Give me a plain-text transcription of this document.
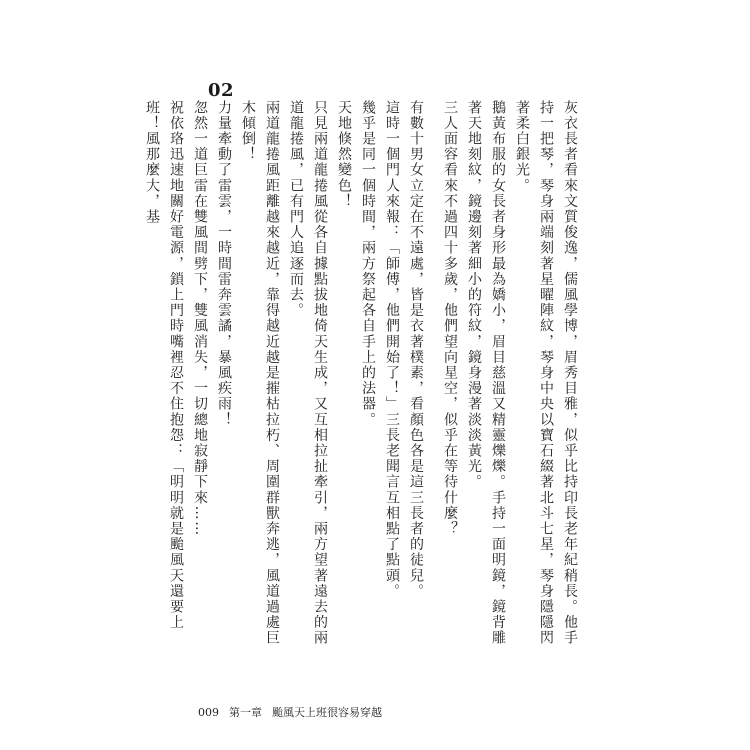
02

灰衣長者看來文質俊逸，儒風學博，眉秀目雅，似乎比持印長老年紀稍長。他手持一把琴，琴身兩端刻著星曜陣紋，琴身中央以寶石綴著北斗七星，琴身隱隱閃著柔白銀光。

鵝黃布服的女長者身形最為嬌小，眉目慈溫又精靈爍爍。手持一面明鏡，鏡背雕著天地刻紋，鏡邊刻著細小的符紋，鏡身漫著淡淡黃光。

三人面容看來不過四十多歲，他們望向星空，似乎在等待什麼？

有數十男女立定在不遠處，皆是衣著樸素，看顏色各是這三長者的徒兒。

這時一個門人來報：「師傅，他們開始了！」三長老聞言互相點了點頭。

幾乎是同一個時間，兩方祭起各自手上的法器。

天地倏然變色！

只見兩道龍捲風從各自據點拔地倚天生成，又互相拉扯牽引，兩方望著遠去的兩道龍捲風，已有門人追逐而去。

兩道龍捲風距離越來越近，靠得越近越是摧枯拉朽、周圍群獸奔逃，風道過處巨木傾倒！

力量牽動了雷雲，一時間雷奔雲譎，暴風疾雨！

忽然一道巨雷在雙風間劈下，雙風消失，一切總地寂靜下來……

祝依珞迅速地關好電源，鎖上門時嘴裡忍不住抱怨：「明明就是颱風天還要上班！風那麼大，基

009 第一章 颱風天上班很容易穿越
